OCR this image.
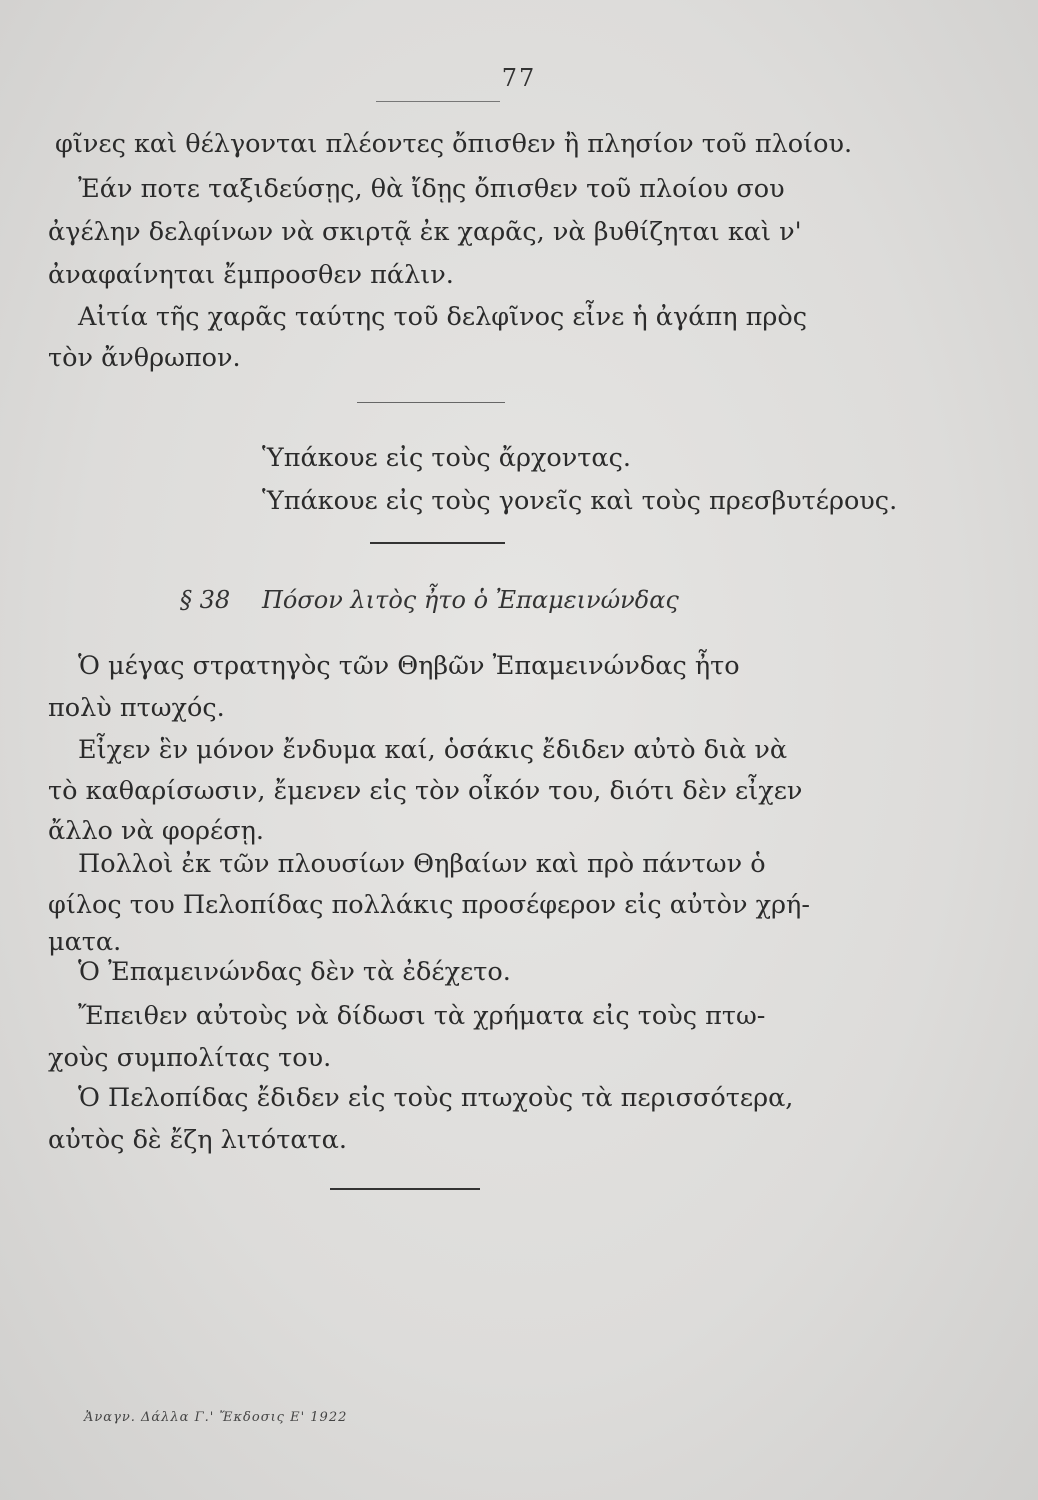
77
φῖνες καὶ θέλγονται πλέοντες ὄπισθεν ἢ πλησίον τοῦ πλοίου.
Ἐάν ποτε ταξιδεύσῃς, θὰ ἴδῃς ὄπισθεν τοῦ πλοίου σου
ἀγέλην δελφίνων νὰ σκιρτᾷ ἐκ χαρᾶς, νὰ βυθίζηται καὶ ν'
ἀναφαίνηται ἔμπροσθεν πάλιν.
Αἰτία τῆς χαρᾶς ταύτης τοῦ δελφῖνος εἶνε ἡ ἀγάπη πρὸς
τὸν ἄνθρωπον.
Ὑπάκουε εἰς τοὺς ἄρχοντας.
Ὑπάκουε εἰς τοὺς γονεῖς καὶ τοὺς πρεσβυτέρους.
§ 38 Πόσον λιτὸς ἦτο ὁ Ἐπαμεινώνδας
Ὁ μέγας στρατηγὸς τῶν Θηβῶν Ἐπαμεινώνδας ἦτο
πολὺ πτωχός.
Εἶχεν ἓν μόνον ἔνδυμα καί, ὁσάκις ἔδιδεν αὐτὸ διὰ νὰ
τὸ καθαρίσωσιν, ἔμενεν εἰς τὸν οἶκόν του, διότι δὲν εἶχεν
ἄλλο νὰ φορέσῃ.
Πολλοὶ ἐκ τῶν πλουσίων Θηβαίων καὶ πρὸ πάντων ὁ
φίλος του Πελοπίδας πολλάκις προσέφερον εἰς αὐτὸν χρή-
ματα.
Ὁ Ἐπαμεινώνδας δὲν τὰ ἐδέχετο.
Ἔπειθεν αὐτοὺς νὰ δίδωσι τὰ χρήματα εἰς τοὺς πτω-
χοὺς συμπολίτας του.
Ὁ Πελοπίδας ἔδιδεν εἰς τοὺς πτωχοὺς τὰ περισσότερα,
αὐτὸς δὲ ἔζη λιτότατα.
Ἀναγν. Δάλλα Γ.' Ἔκδοσις Ε' 1922
